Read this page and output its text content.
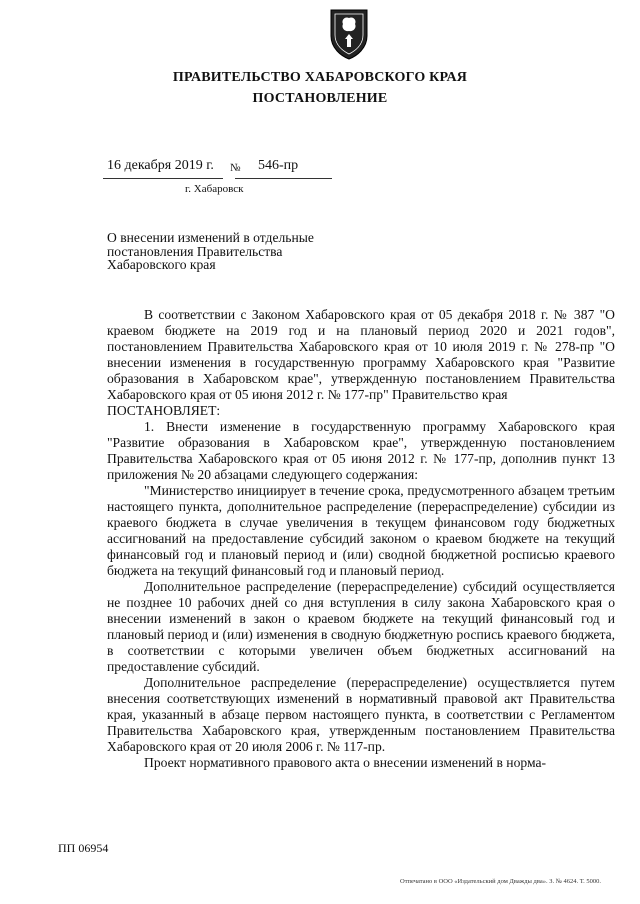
ПРАВИТЕЛЬСТВО ХАБАРОВСКОГО КРАЯ
ПОСТАНОВЛЕНИЕ
16 декабря 2019 г. № 546-пр
г. Хабаровск
О внесении изменений в отдельные постановления Правительства Хабаровского края

В соответствии с Законом Хабаровского края от 05 декабря 2018 г. № 387 "О краевом бюджете на 2019 год и на плановый период 2020 и 2021 годов", постановлением Правительства Хабаровского края от 10 июля 2019 г. № 278-пр "О внесении изменения в государственную программу Хабаровского края "Развитие образования в Хабаровском крае", утвержденную постановлением Правительства Хабаровского края от 05 июня 2012 г. № 177-пр" Правительство края

ПОСТАНОВЛЯЕТ:

1. Внести изменение в государственную программу Хабаровского края "Развитие образования в Хабаровском крае", утвержденную постановлением Правительства Хабаровского края от 05 июня 2012 г. № 177-пр, дополнив пункт 13 приложения № 20 абзацами следующего содержания:

"Министерство инициирует в течение срока, предусмотренного абзацем третьим настоящего пункта, дополнительное распределение (перераспределение) субсидии из краевого бюджета в случае увеличения в текущем финансовом году бюджетных ассигнований на предоставление субсидий законом о краевом бюджете на текущий финансовый год и плановый период и (или) сводной бюджетной росписью краевого бюджета на текущий финансовый год и плановый период.

Дополнительное распределение (перераспределение) субсидий осуществляется не позднее 10 рабочих дней со дня вступления в силу закона Хабаровского края о внесении изменений в закон о краевом бюджете на текущий финансовый год и плановый период и (или) изменения в сводную бюджетную роспись краевого бюджета, в соответствии с которыми увеличен объем бюджетных ассигнований на предоставление субсидий.

Дополнительное распределение (перераспределение) осуществляется путем внесения соответствующих изменений в нормативный правовой акт Правительства края, указанный в абзаце первом настоящего пункта, в соответствии с Регламентом Правительства Хабаровского края, утвержденным постановлением Правительства Хабаровского края от 20 июля 2006 г. № 117-пр.

Проект нормативного правового акта о внесении изменений в норма-

ПП 06954
Отпечатано в ООО «Издательский дом Дважды два». З. № 4624. Т. 5000.
